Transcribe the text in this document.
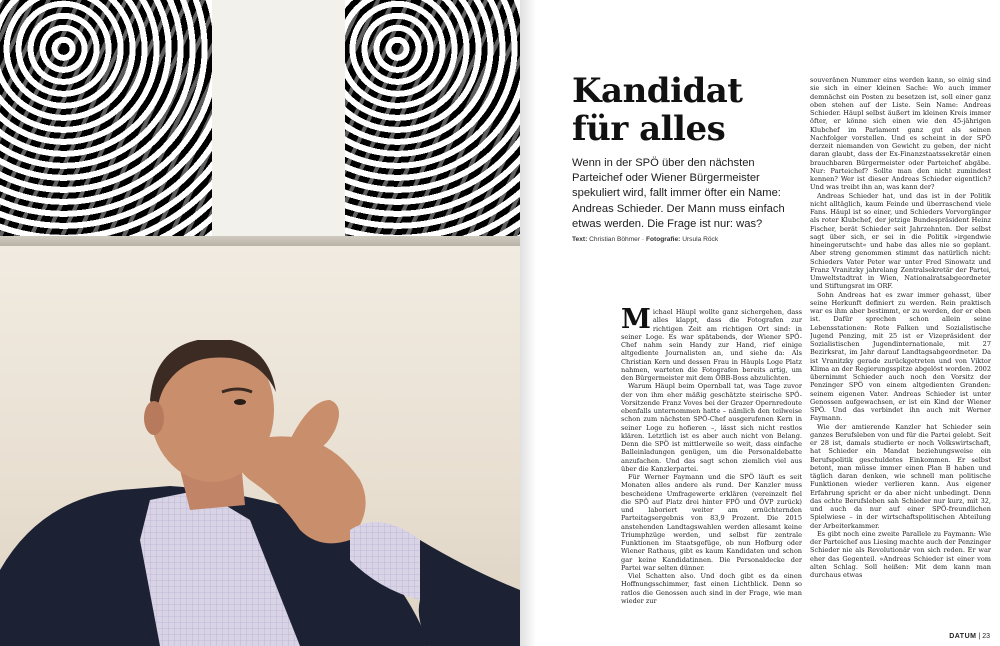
Kandidat
für alles

Wenn in der SPÖ über den nächsten Parteichef oder Wiener Bürgermeister spekuliert wird, fallt immer öfter ein Name: Andreas Schieder. Der Mann muss einfach etwas werden. Die Frage ist nur: was?

Text: Christian Böhmer · Fotografie: Ursula Röck

Michael Häupl wollte ganz sichergehen, dass alles klappt, dass die Fotografen zur richtigen Zeit am richtigen Ort sind: in seiner Loge. Es war spätabends, der Wiener SPÖ-Chef nahm sein Handy zur Hand, rief einige altgediente Journalisten an, und siehe da: Als Christian Kern und dessen Frau in Häupls Loge Platz nahmen, warteten die Fotografen bereits artig, um den Bürgermeister mit dem ÖBB-Boss abzulichten.

Warum Häupl beim Opernball tat, was Tage zuvor der von ihm eher mäßig geschätzte steirische SPÖ-Vorsitzende Franz Voves bei der Grazer Opernredoute ebenfalls unternommen hatte – nämlich den teilweise schon zum nächsten SPÖ-Chef ausgerufenen Kern in seiner Loge zu hofieren –, lässt sich nicht restlos klären. Letztlich ist es aber auch nicht von Belang. Denn die SPÖ ist mittlerweile so weit, dass einfache Balleinladungen genügen, um die Personaldebatte anzufachen. Und das sagt schon ziemlich viel aus über die Kanzlerpartei.

Für Werner Faymann und die SPÖ läuft es seit Monaten alles andere als rund. Der Kanzler muss bescheidene Umfragewerte erklären (vereinzelt fiel die SPÖ auf Platz drei hinter FPÖ und ÖVP zurück) und laboriert weiter am ernüchternden Parteitagsergebnis von 83,9 Prozent. Die 2015 anstehenden Landtagswahlen werden allesamt keine Triumphzüge werden, und selbst für zentrale Funktionen im Staatsgefüge, ob nun Hofburg oder Wiener Rathaus, gibt es kaum Kandidaten und schon gar keine Kandidatinnen. Die Personaldecke der Partei war selten dünner.

Viel Schatten also. Und doch gibt es da einen Hoffnungsschimmer, fast einen Lichtblick. Denn so ratlos die Genossen auch sind in der Frage, wie man wieder zur

souveränen Nummer eins werden kann, so einig sind sie sich in einer kleinen Sache: Wo auch immer demnächst ein Posten zu besetzen ist, soll einer ganz oben stehen auf der Liste. Sein Name: Andreas Schieder. Häupl selbst äußert im kleinen Kreis immer öfter, er könne sich einen wie den 45-jährigen Klubchef im Parlament ganz gut als seinen Nachfolger vorstellen. Und es scheint in der SPÖ derzeit niemanden von Gewicht zu geben, der nicht daran glaubt, dass der Ex-Finanzstaatssekretär einen brauchbaren Bürgermeister oder Parteichef abgäbe. Nur: Parteichef? Sollte man den nicht zumindest kennen? Wer ist dieser Andreas Schieder eigentlich? Und was treibt ihn an, was kann der?

Andreas Schieder hat, und das ist in der Politik nicht alltäglich, kaum Feinde und überraschend viele Fans. Häupl ist so einer, und Schieders Vorvorgänger als roter Klubchef, der jetzige Bundespräsident Heinz Fischer, berät Schieder seit Jahrzehnten. Der selbst sagt über sich, er sei in die Politik »irgendwie hineingerutscht« und habe das alles nie so geplant. Aber streng genommen stimmt das natürlich nicht: Schieders Vater Peter war unter Fred Sinowatz und Franz Vranitzky jahrelang Zentralsekretär der Partei, Umweltstadtrat in Wien, Nationalratsabgeordneter und Stiftungsrat im ORF.

Sohn Andreas hat es zwar immer gehasst, über seine Herkunft definiert zu werden. Rein praktisch war es ihm aber bestimmt, er zu werden, der er eben ist. Dafür sprechen schon allein seine Lebensstationen: Rote Falken und Sozialistische Jugend Penzing, mit 25 ist er Vizepräsident der Sozialistischen Jugendinternationale, mit 27 Bezirksrat, im Jahr darauf Landtagsabgeordneter. Da ist Vranitzky gerade zurückgetreten und von Viktor Klima an der Regierungsspitze abgelöst worden. 2002 übernimmt Schieder auch noch den Vorsitz der Penzinger SPÖ von einem altgedienten Granden: seinem eigenen Vater. Andreas Schieder ist unter Genossen aufgewachsen, er ist ein Kind der Wiener SPÖ. Und das verbindet ihn auch mit Werner Faymann.

Wie der amtierende Kanzler hat Schieder sein ganzes Berufsleben von und für die Partei gelebt. Seit er 28 ist, damals studierte er noch Volkswirtschaft, hat Schieder ein Mandat beziehungsweise ein Berufspolitik geschuldetes Einkommen. Er selbst betont, man müsse immer einen Plan B haben und täglich daran denken, wie schnell man politische Funktionen wieder verlieren kann. Aus eigener Erfahrung spricht er da aber nicht unbedingt. Denn das echte Berufsleben sah Schieder nur kurz, mit 32, und auch da nur auf einer SPÖ-freundlichen Spielwiese – in der wirtschaftspolitischen Abteilung der Arbeiterkammer.

Es gibt noch eine zweite Parallele zu Faymann: Wie der Parteichef aus Liesing machte auch der Penzinger Schieder nie als Revolutionär von sich reden. Er war eher das Gegenteil. »Andreas Schieder ist einer vom alten Schlag. Soll heißen: Mit dem kann man durchaus etwas

DATUM | 23
